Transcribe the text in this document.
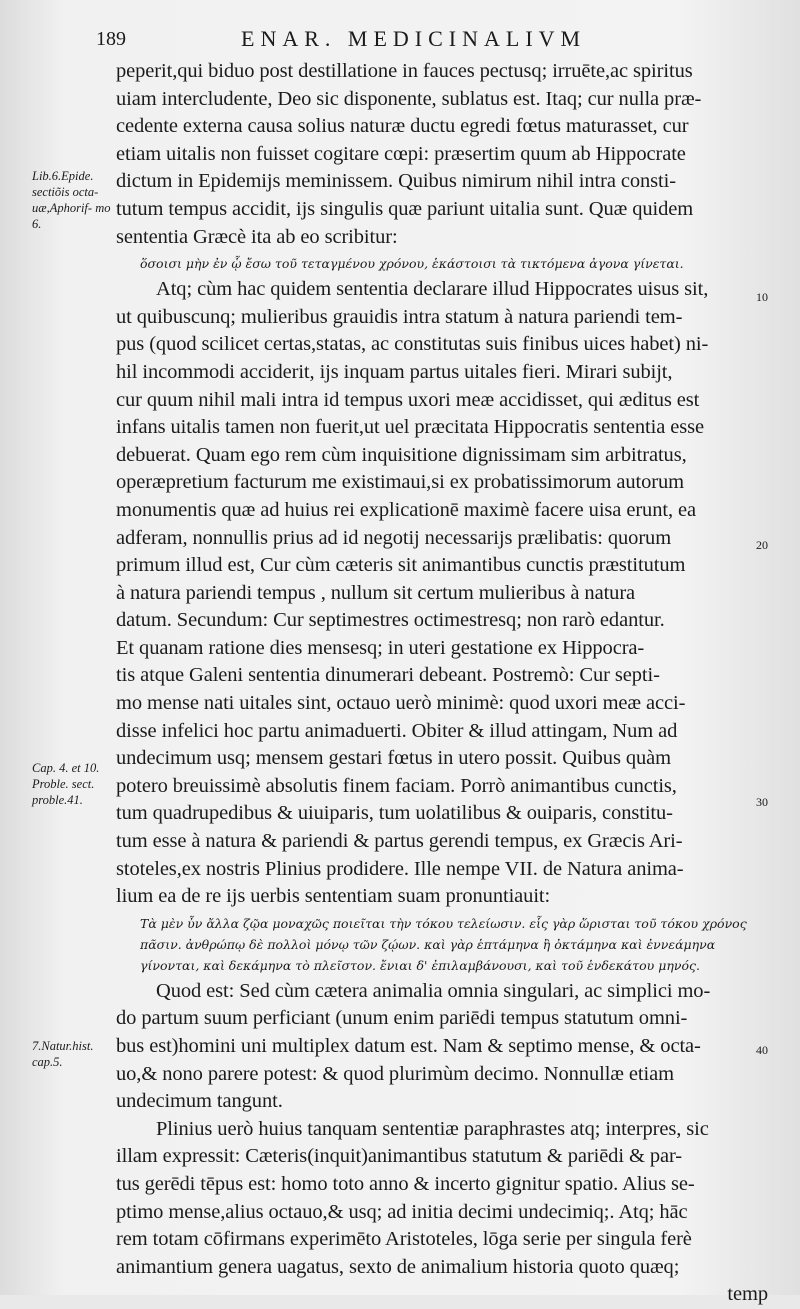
189	ENAR. MEDICINALIVM
Lib.6.Epide. sectiõis octa-uæ,Aphorif- mo 6.
Cap. 4. et 10. Proble. sect. proble.41.
7.Natur.hist. cap.5.
10
20
30
40
peperit,qui biduo post destillatione in fauces pectusq; irruēte,ac spiritus
uiam intercludente, Deo sic disponente, sublatus est. Itaq; cur nulla præ-
cedente externa causa solius naturæ ductu egredi fœtus maturasset, cur
etiam uitalis non fuisset cogitare cœpi: præsertim quum ab Hippocrate
dictum in Epidemijs meminissem. Quibus nimirum nihil intra consti-
tutum tempus accidit, ijs singulis quæ pariunt uitalia sunt. Quæ quidem
sententia Græcè ita ab eo scribitur:
ὅσοισι μὴν ἐν ᾧ ἔσω τοῦ τεταγμένου χρόνου, ἑκάστοισι τὰ τικτόμενα ἀγονα γίνεται.
Atq; cùm hac quidem sententia declarare illud Hippocrates uisus sit,
ut quibuscunq; mulieribus grauidis intra statum à natura pariendi tem-
pus (quod scilicet certas,statas, ac constitutas suis finibus uices habet) ni-
hil incommodi acciderit, ijs inquam partus uitales fieri. Mirari subijt,
cur quum nihil mali intra id tempus uxori meæ accidisset, qui æditus est
infans uitalis tamen non fuerit,ut uel præcitata Hippocratis sententia esse
debuerat. Quam ego rem cùm inquisitione dignissimam sim arbitratus,
operæpretium facturum me existimaui,si ex probatissimorum autorum
monumentis quæ ad huius rei explicationē maximè facere uisa erunt, ea
adferam, nonnullis prius ad id negotij necessarijs prælibatis: quorum
primum illud est, Cur cùm cæteris sit animantibus cunctis præstitutum
à natura pariendi tempus , nullum sit certum mulieribus à natura
datum. Secundum: Cur septimestres octimestresq; non rarò edantur.
Et quanam ratione dies mensesq; in uteri gestatione ex Hippocra-
tis atque Galeni sententia dinumerari debeant. Postremò: Cur septi-
mo mense nati uitales sint, octauo uerò minimè: quod uxori meæ acci-
disse infelici hoc partu animaduerti. Obiter & illud attingam, Num ad
undecimum usq; mensem gestari fœtus in utero possit. Quibus quàm
potero breuissimè absolutis finem faciam. Porrò animantibus cunctis,
tum quadrupedibus & uiuiparis, tum uolatilibus & ouiparis, constitu-
tum esse à natura & pariendi & partus gerendi tempus, ex Græcis Ari-
stoteles,ex nostris Plinius prodidere. Ille nempe VII. de Natura anima-
lium ea de re ijs uerbis sententiam suam pronuntiauit:
Τὰ μὲν ὖν ἄλλα ζῷα μοναχῶς ποιεῖται τὴν τόκου τελείωσιν. εἷς γὰρ ὥρισται τοῦ τόκου χρόνος
πᾶσιν. ἀνθρώπῳ δὲ πολλοὶ μόνῳ τῶν ζῴων. καὶ γὰρ ἑπτάμηνα ἢ ὀκτάμηνα καὶ ἐννεάμηνα
γίνονται, καὶ δεκάμηνα τὸ πλεῖστον. ἔνιαι δ' ἐπιλαμβάνουσι, καὶ τοῦ ἑνδεκάτου μηνός.
Quod est: Sed cùm cætera animalia omnia singulari, ac simplici mo-
do partum suum perficiant (unum enim pariēdi tempus statutum omni-
bus est)homini uni multiplex datum est. Nam & septimo mense, & octa-
uo,& nono parere potest: & quod plurimùm decimo. Nonnullæ etiam
undecimum tangunt.
Plinius uerò huius tanquam sententiæ paraphrastes atq; interpres, sic
illam expressit: Cæteris(inquit)animantibus statutum & pariēdi & par-
tus gerēdi tēpus est: homo toto anno & incerto gignitur spatio. Alius se-
ptimo mense,alius octauo,& usq; ad initia decimi undecimiq;. Atq; hāc
rem totam cōfirmans experimēto Aristoteles, lōga serie per singula ferè
animantium genera uagatus, sexto de animalium historia quoto quæq;
temp
